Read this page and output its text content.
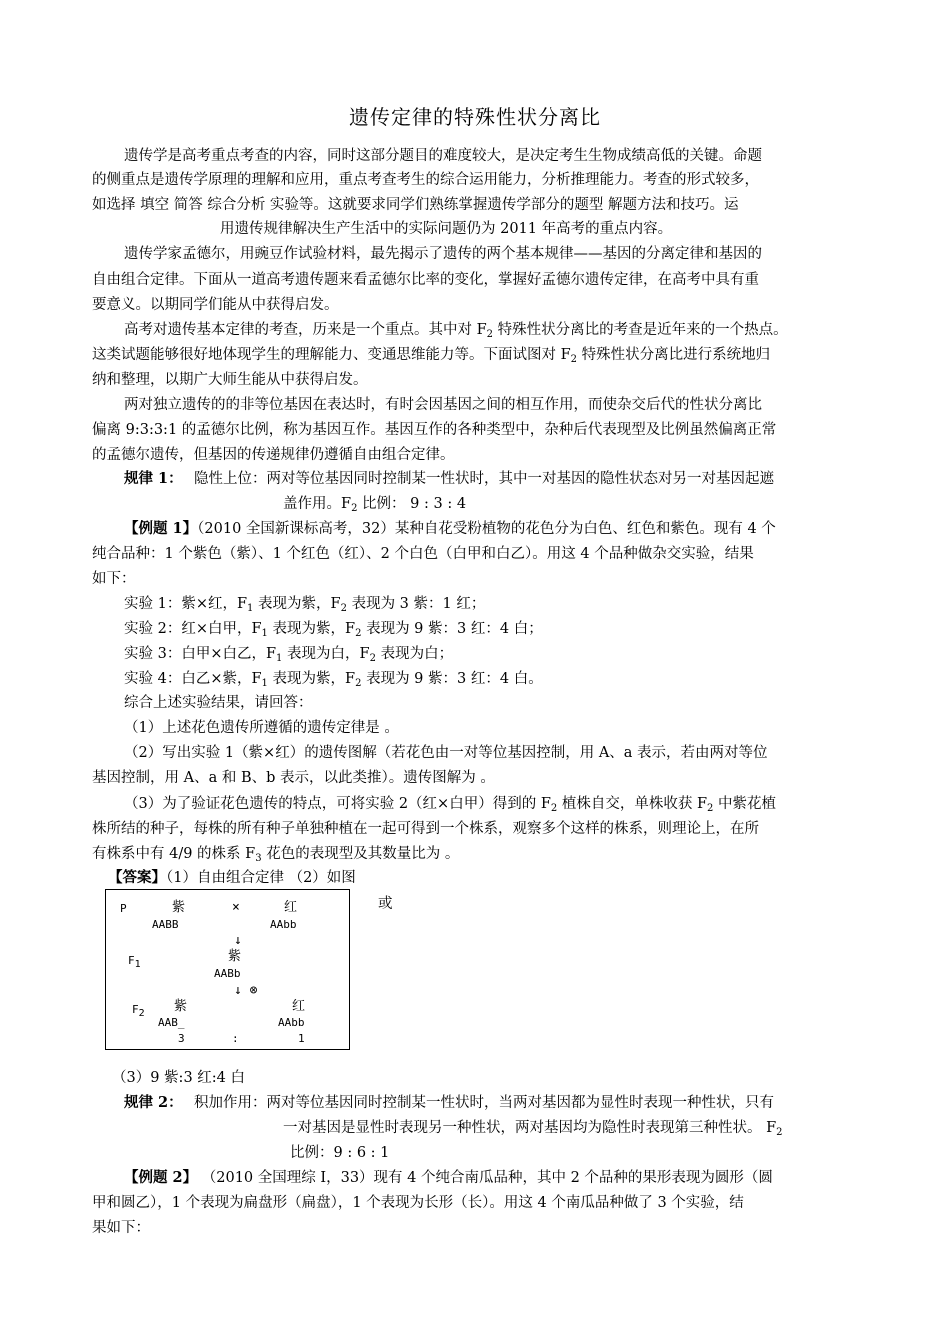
遗传定律的特殊性状分离比
遗传学是高考重点考查的内容，同时这部分题目的难度较大，是决定考生生物成绩高低的关键。命题
的侧重点是遗传学原理的理解和应用，重点考查考生的综合运用能力，分析推理能力。考查的形式较多，
如选择 填空 简答 综合分析 实验等。这就要求同学们熟练掌握遗传学部分的题型 解题方法和技巧。运
用遗传规律解决生产生活中的实际问题仍为 2011 年高考的重点内容。
遗传学家孟德尔，用豌豆作试验材料，最先揭示了遗传的两个基本规律——基因的分离定律和基因的
自由组合定律。下面从一道高考遗传题来看孟德尔比率的变化，掌握好孟德尔遗传定律，在高考中具有重
要意义。以期同学们能从中获得启发。
高考对遗传基本定律的考查，历来是一个重点。其中对 $F_2$ 特殊性状分离比的考查是近年来的一个热点。
这类试题能够很好地体现学生的理解能力、变通思维能力等。下面试图对 $F_2$ 特殊性状分离比进行系统地归
纳和整理，以期广大师生能从中获得启发。
两对独立遗传的的非等位基因在表达时，有时会因基因之间的相互作用，而使杂交后代的性状分离比
偏离 9:3:3:1 的孟德尔比例，称为基因互作。基因互作的各种类型中，杂种后代表现型及比例虽然偏离正常
的孟德尔遗传，但基因的传递规律仍遵循自由组合定律。
规律 1： 隐性上位：两对等位基因同时控制某一性状时，其中一对基因的隐性状态对另一对基因起遮
盖作用。$F_2$ 比例： 9 : 3 : 4
【例题 1】（2010 全国新课标高考，32）某种自花受粉植物的花色分为白色、红色和紫色。现有 4 个
纯合品种：1 个紫色（紫）、1 个红色（红）、2 个白色（白甲和白乙）。用这 4 个品种做杂交实验，结果
如下：
实验 1：紫×红，$F_1$ 表现为紫，$F_2$ 表现为 3 紫：1 红；
实验 2：红×白甲，$F_1$ 表现为紫，$F_2$ 表现为 9 紫：3 红：4 白；
实验 3：白甲×白乙，$F_1$ 表现为白，$F_2$ 表现为白；
实验 4：白乙×紫，$F_1$ 表现为紫，$F_2$ 表现为 9 紫：3 红：4 白。
综合上述实验结果，请回答：
（1）上述花色遗传所遵循的遗传定律是 。
（2）写出实验 1（紫×红）的遗传图解（若花色由一对等位基因控制，用 A、a 表示，若由两对等位
基因控制，用 A、a 和 B、b 表示，以此类推）。遗传图解为 。
（3）为了验证花色遗传的特点，可将实验 2（红×白甲）得到的 $F_2$ 植株自交，单株收获 $F_2$ 中紫花植
株所结的种子，每株的所有种子单独种植在一起可得到一个株系，观察多个这样的株系，则理论上，在所
有株系中有 4/9 的株系 $F_3$ 花色的表现型及其数量比为 。
【答案】（1）自由组合定律 （2）如图
或
P	紫	×	红
AABB	AAbb
↓
$F_1$
紫
AABb
↓ ⊗
$F_2$ 紫	红
AAB_	AAbb
3	:	1
（3）9 紫:3 红:4 白
规律 2： 积加作用：两对等位基因同时控制某一性状时，当两对基因都为显性时表现一种性状，只有
一对基因是显性时表现另一种性状，两对基因均为隐性时表现第三种性状。 $F_2$
比例：9 : 6 : 1
【例题 2】 （2010 全国理综 I，33）现有 4 个纯合南瓜品种，其中 2 个品种的果形表现为圆形（圆
甲和圆乙），1 个表现为扁盘形（扁盘），1 个表现为长形（长）。用这 4 个南瓜品种做了 3 个实验，结
果如下：
